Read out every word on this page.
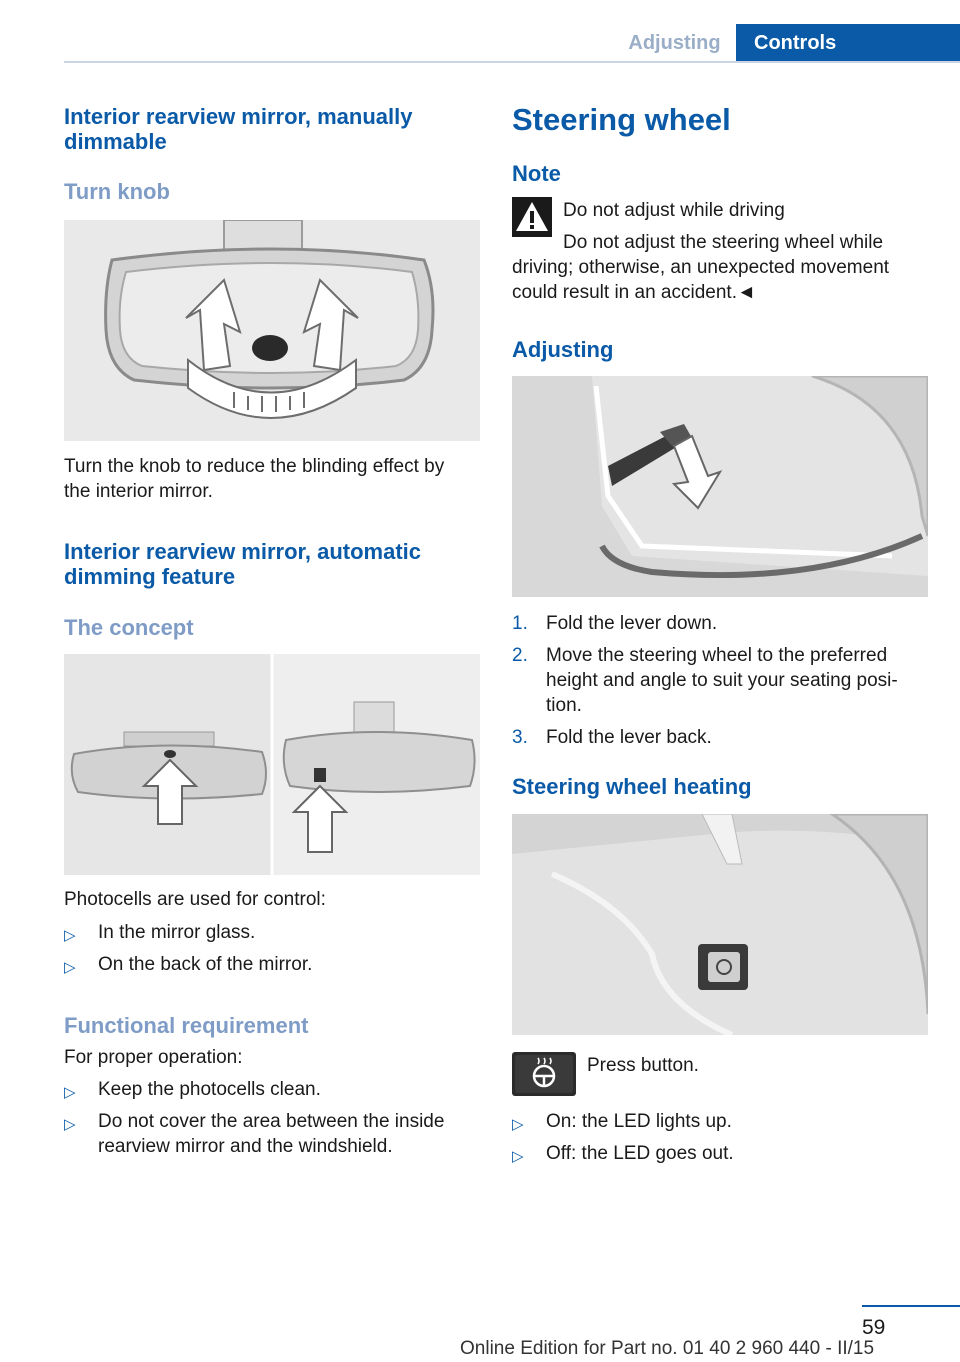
Adjusting	Controls
Interior rearview mirror, manually dimmable
Turn knob

Turn the knob to reduce the blinding effect by the interior mirror.

Interior rearview mirror, automatic dimming feature
The concept

Photocells are used for control:

▷ In the mirror glass.
▷ On the back of the mirror.
Functional requirement

For proper operation:

▷ Keep the photocells clean.
▷ Do not cover the area between the inside rearview mirror and the windshield.
Steering wheel
Note

Do not adjust while driving

Do not adjust the steering wheel while

driving; otherwise, an unexpected movement could result in an accident.◄

Adjusting
1. Fold the lever down.
2. Move the steering wheel to the preferred height and angle to suit your seating posi-tion.
3. Fold the lever back.
Steering wheel heating

Press button.

▷ On: the LED lights up.
▷ Off: the LED goes out.
59
Online Edition for Part no. 01 40 2 960 440 - II/15
